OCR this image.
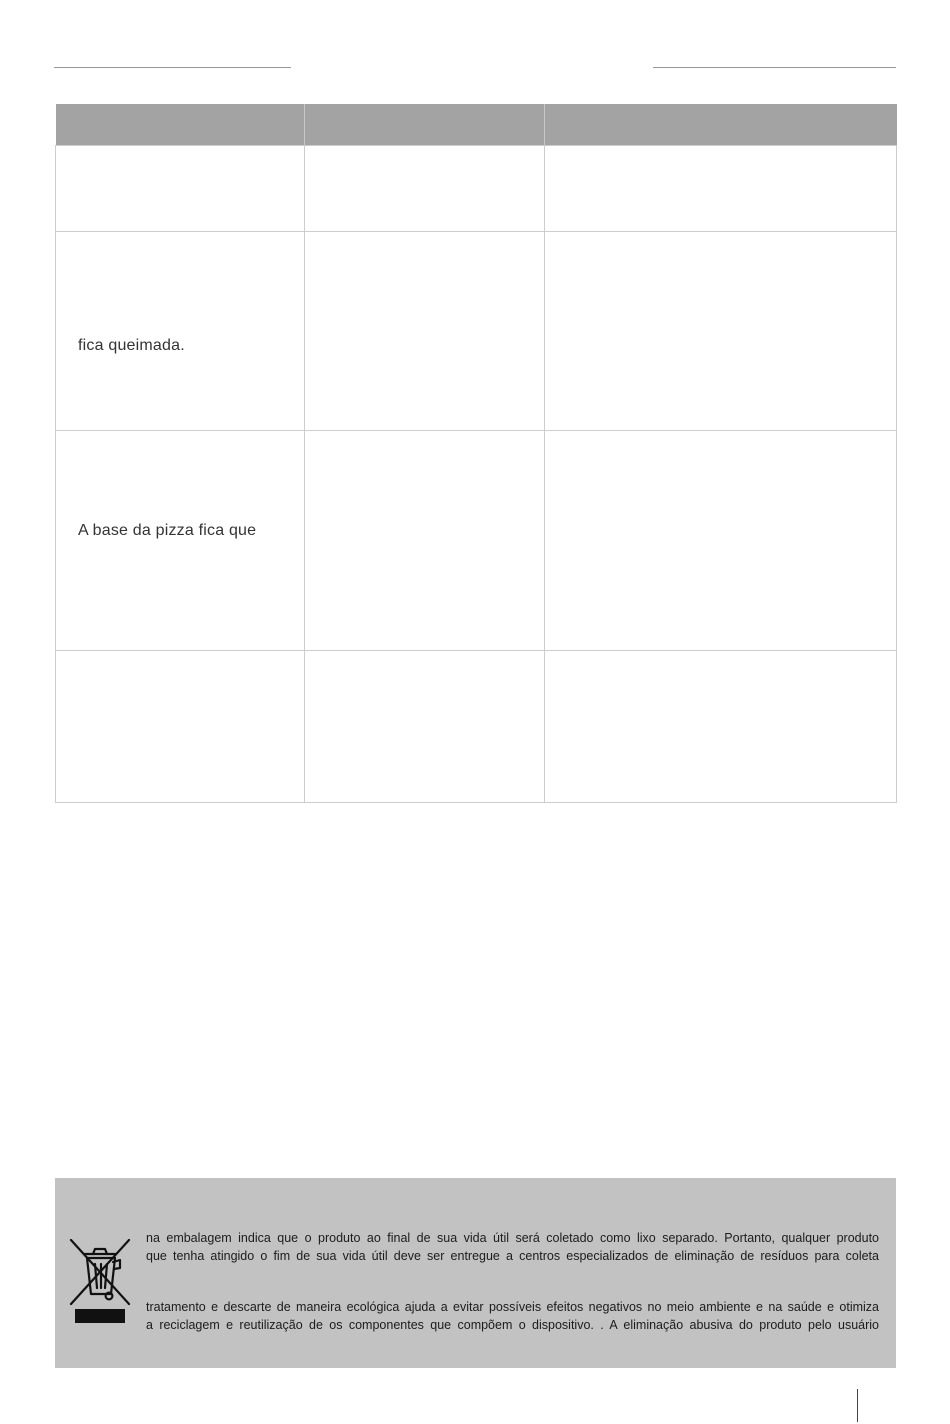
fica queimada.		

A base da pizza fica que		

na embalagem indica que o produto ao final de sua vida útil será coletado como lixo separado. Portanto, qualquer produto
que tenha atingido o fim de sua vida útil deve ser entregue a centros especializados de eliminação de resíduos para coleta
tratamento e descarte de maneira ecológica ajuda a evitar possíveis efeitos negativos no meio ambiente e na saúde e otimiza
a reciclagem e reutilização de os componentes que compõem o dispositivo. . A eliminação abusiva do produto pelo usuário
